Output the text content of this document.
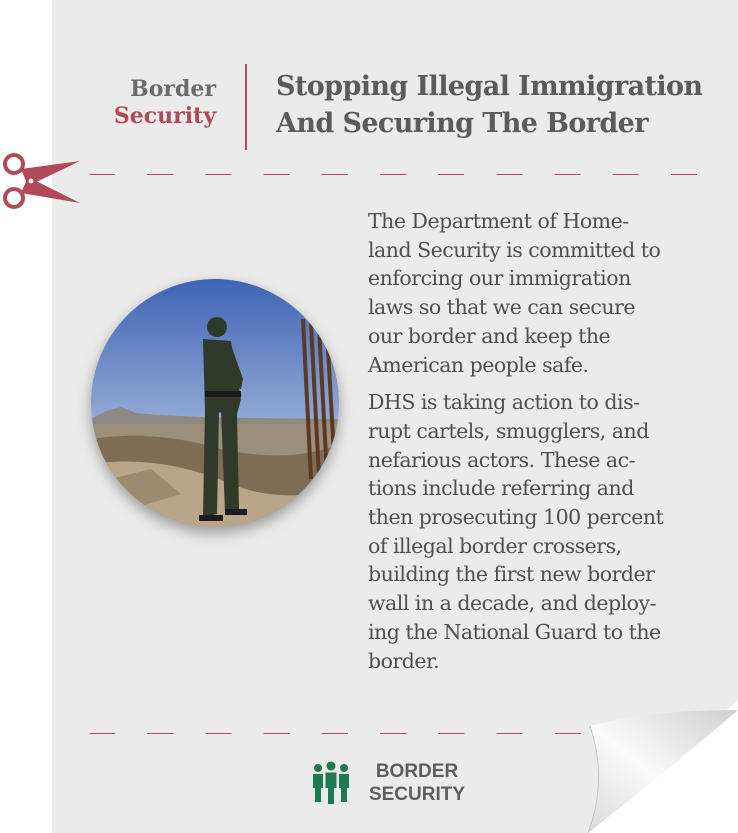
Border
Security
Stopping Illegal Immigration
And Securing The Border

The Department of Home-
land Security is committed to
enforcing our immigration
laws so that we can secure
our border and keep the
American people safe.

DHS is taking action to dis-
rupt cartels, smugglers, and
nefarious actors. These ac-
tions include referring and
then prosecuting 100 percent
of illegal border crossers,
building the first new border
wall in a decade, and deploy-
ing the National Guard to the
border.

BORDER
SECURITY
